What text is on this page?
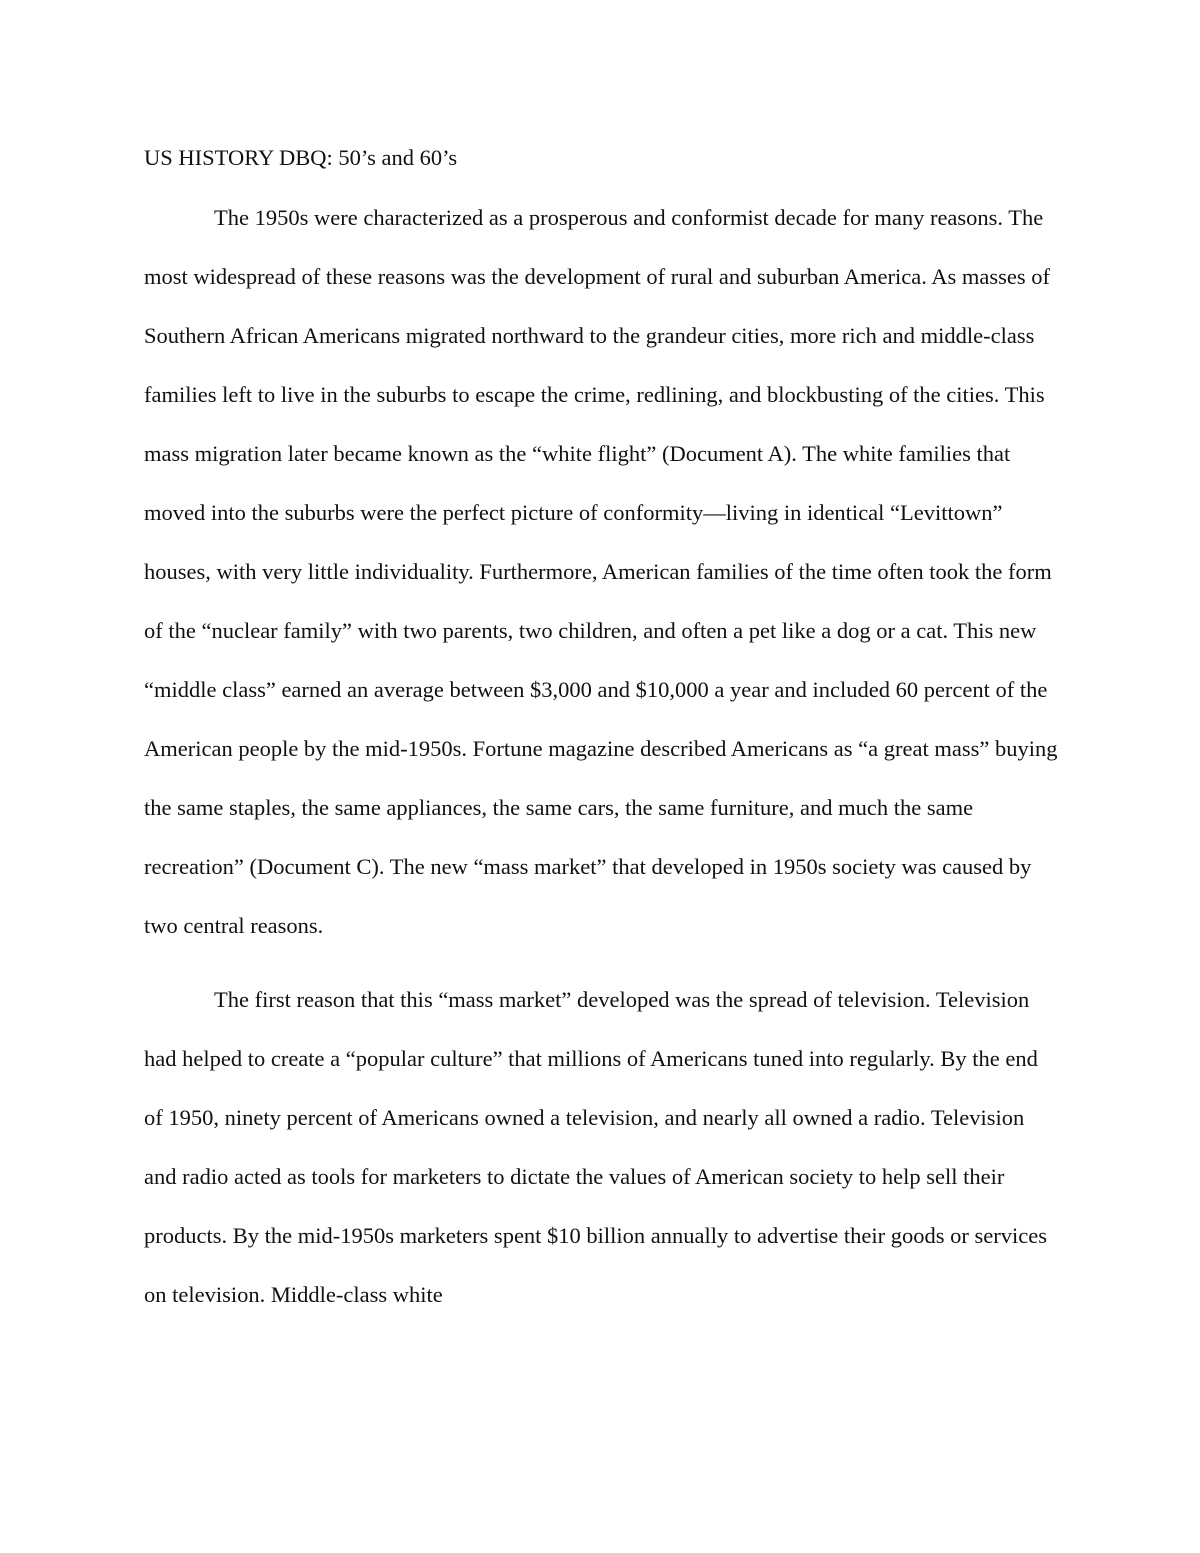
US HISTORY DBQ: 50’s and 60’s

The 1950s were characterized as a prosperous and conformist decade for many reasons. The most widespread of these reasons was the development of rural and suburban America. As masses of Southern African Americans migrated northward to the grandeur cities, more rich and middle-class families left to live in the suburbs to escape the crime, redlining, and blockbusting of the cities. This mass migration later became known as the “white flight” (Document A). The white families that moved into the suburbs were the perfect picture of conformity—living in identical “Levittown” houses, with very little individuality. Furthermore, American families of the time often took the form of the “nuclear family” with two parents, two children, and often a pet like a dog or a cat. This new “middle class” earned an average between $3,000 and $10,000 a year and included 60 percent of the American people by the mid-1950s. Fortune magazine described Americans as “a great mass” buying the same staples, the same appliances, the same cars, the same furniture, and much the same recreation” (Document C). The new “mass market” that developed in 1950s society was caused by two central reasons.

The first reason that this “mass market” developed was the spread of television. Television had helped to create a “popular culture” that millions of Americans tuned into regularly. By the end of 1950, ninety percent of Americans owned a television, and nearly all owned a radio. Television and radio acted as tools for marketers to dictate the values of American society to help sell their products. By the mid-1950s marketers spent $10 billion annually to advertise their goods or services on television. Middle-class white
